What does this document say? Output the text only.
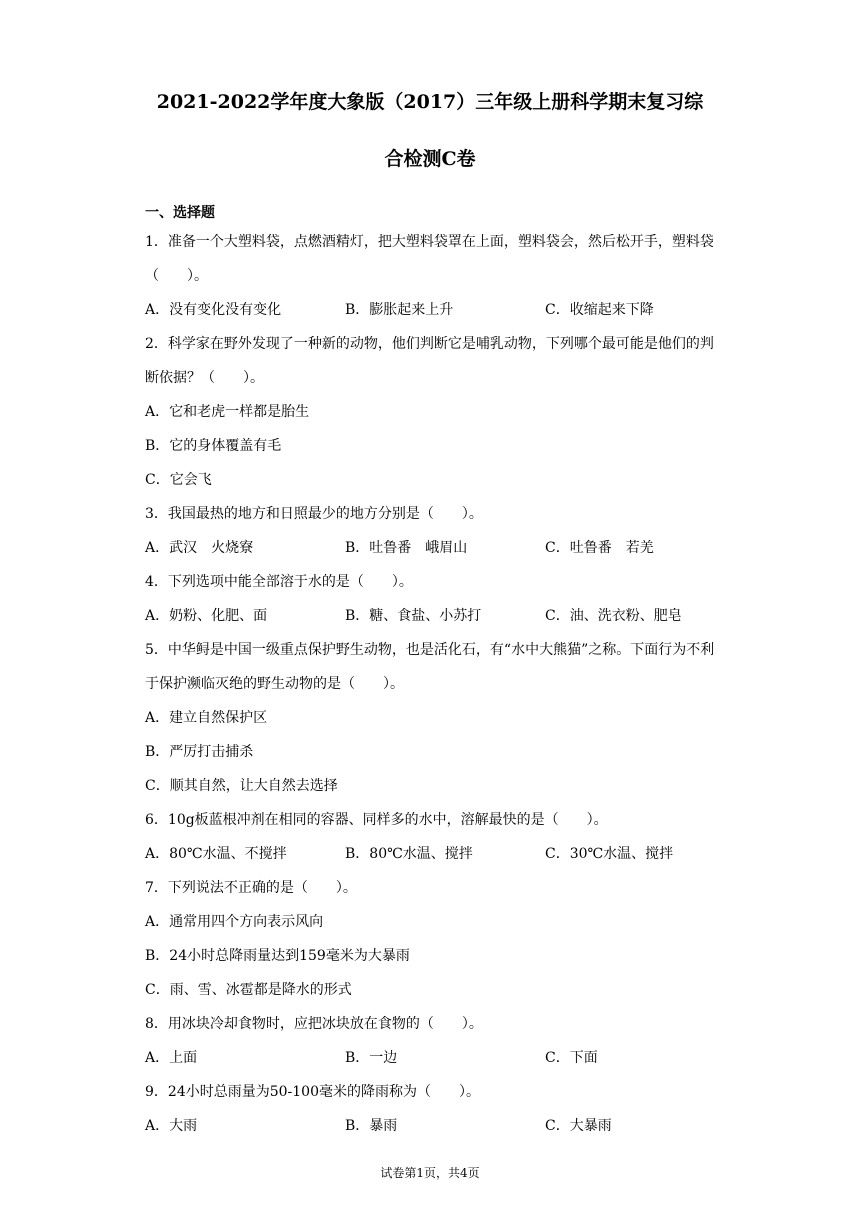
2021-2022学年度大象版（2017）三年级上册科学期末复习综
合检测C卷
一、选择题
1．准备一个大塑料袋，点燃酒精灯，把大塑料袋罩在上面，塑料袋会，然后松开手，塑料袋（　　）。
A．没有变化没有变化	B．膨胀起来上升	C．收缩起来下降
2．科学家在野外发现了一种新的动物，他们判断它是哺乳动物，下列哪个最可能是他们的判断依据？（　　）。
A．它和老虎一样都是胎生
B．它的身体覆盖有毛
C．它会飞
3．我国最热的地方和日照最少的地方分别是（　　）。
A．武汉　火烧寮	B．吐鲁番　峨眉山	C．吐鲁番　若羌
4．下列选项中能全部溶于水的是（　　）。
A．奶粉、化肥、面	B．糖、食盐、小苏打	C．油、洗衣粉、肥皂
5．中华鲟是中国一级重点保护野生动物，也是活化石，有“水中大熊猫”之称。下面行为不利于保护濒临灭绝的野生动物的是（　　）。
A．建立自然保护区
B．严厉打击捕杀
C．顺其自然，让大自然去选择
6．10g板蓝根冲剂在相同的容器、同样多的水中，溶解最快的是（　　）。
A．80℃水温、不搅拌	B．80℃水温、搅拌	C．30℃水温、搅拌
7．下列说法不正确的是（　　）。
A．通常用四个方向表示风向
B．24小时总降雨量达到159毫米为大暴雨
C．雨、雪、冰雹都是降水的形式
8．用冰块冷却食物时，应把冰块放在食物的（　　）。
A．上面	B．一边	C．下面
9．24小时总雨量为50-100毫米的降雨称为（　　）。
A．大雨	B．暴雨	C．大暴雨
试卷第1页，共4页
